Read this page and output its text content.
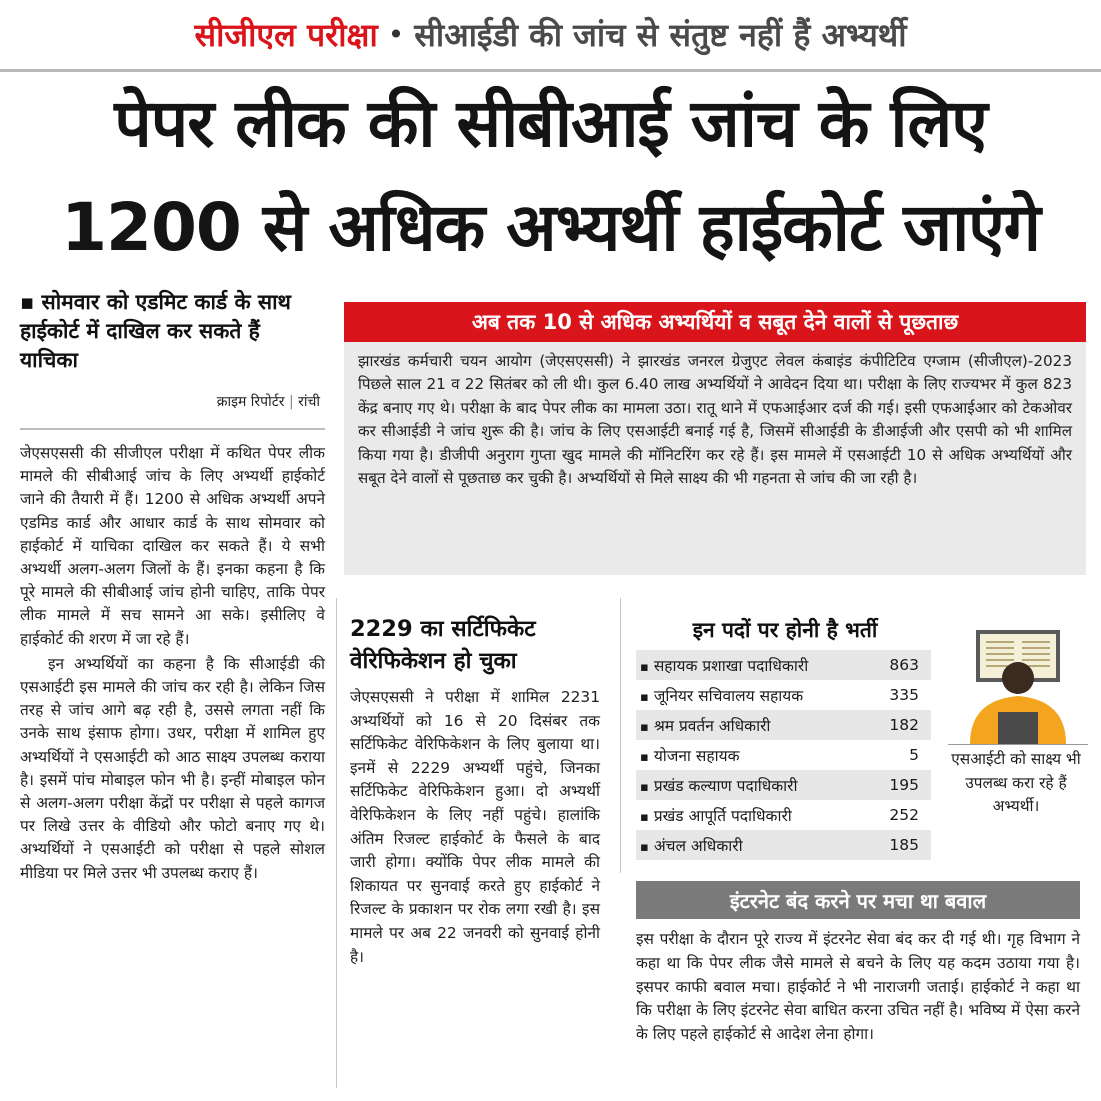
सीजीएल परीक्षा • सीआईडी की जांच से संतुष्ट नहीं हैं अभ्यर्थी
पेपर लीक की सीबीआई जांच के लिए
1200 से अधिक अभ्यर्थी हाईकोर्ट जाएंगे
▪ सोमवार को एडमिट कार्ड के साथ हाईकोर्ट में दाखिल कर सकते हैं याचिका
क्राइम रिपोर्टर | रांची

जेएसएससी की सीजीएल परीक्षा में कथित पेपर लीक मामले की सीबीआई जांच के लिए अभ्यर्थी हाईकोर्ट जाने की तैयारी में हैं। 1200 से अधिक अभ्यर्थी अपने एडमिड कार्ड और आधार कार्ड के साथ सोमवार को हाईकोर्ट में याचिका दाखिल कर सकते हैं। ये सभी अभ्यर्थी अलग-अलग जिलों के हैं। इनका कहना है कि पूरे मामले की सीबीआई जांच होनी चाहिए, ताकि पेपर लीक मामले में सच सामने आ सके। इसीलिए वे हाईकोर्ट की शरण में जा रहे हैं।

इन अभ्यर्थियों का कहना है कि सीआईडी की एसआईटी इस मामले की जांच कर रही है। लेकिन जिस तरह से जांच आगे बढ़ रही है, उससे लगता नहीं कि उनके साथ इंसाफ होगा। उधर, परीक्षा में शामिल हुए अभ्यर्थियों ने एसआईटी को आठ साक्ष्य उपलब्ध कराया है। इसमें पांच मोबाइल फोन भी है। इन्हीं मोबाइल फोन से अलग-अलग परीक्षा केंद्रों पर परीक्षा से पहले कागज पर लिखे उत्तर के वीडियो और फोटो बनाए गए थे। अभ्यर्थियों ने एसआईटी को परीक्षा से पहले सोशल मीडिया पर मिले उत्तर भी उपलब्ध कराए हैं।

अब तक 10 से अधिक अभ्यर्थियों व सबूत देने वालों से पूछताछ
झारखंड कर्मचारी चयन आयोग (जेएसएससी) ने झारखंड जनरल ग्रेजुएट लेवल कंबाइंड कंपीटिटिव एग्जाम (सीजीएल)-2023 पिछले साल 21 व 22 सितंबर को ली थी। कुल 6.40 लाख अभ्यर्थियों ने आवेदन दिया था। परीक्षा के लिए राज्यभर में कुल 823 केंद्र बनाए गए थे। परीक्षा के बाद पेपर लीक का मामला उठा। रातू थाने में एफआईआर दर्ज की गई। इसी एफआईआर को टेकओवर कर सीआईडी ने जांच शुरू की है। जांच के लिए एसआईटी बनाई गई है, जिसमें सीआईडी के डीआईजी और एसपी को भी शामिल किया गया है। डीजीपी अनुराग गुप्ता खुद मामले की मॉनिटरिंग कर रहे हैं। इस मामले में एसआईटी 10 से अधिक अभ्यर्थियों और सबूत देने वालों से पूछताछ कर चुकी है। अभ्यर्थियों से मिले साक्ष्य की भी गहनता से जांच की जा रही है।
2229 का सर्टिफिकेट वेरिफिकेशन हो चुका
जेएसएससी ने परीक्षा में शामिल 2231 अभ्यर्थियों को 16 से 20 दिसंबर तक सर्टिफिकेट वेरिफिकेशन के लिए बुलाया था। इनमें से 2229 अभ्यर्थी पहुंचे, जिनका सर्टिफिकेट वेरिफिकेशन हुआ। दो अभ्यर्थी वेरिफिकेशन के लिए नहीं पहुंचे। हालांकि अंतिम रिजल्ट हाईकोर्ट के फैसले के बाद जारी होगा। क्योंकि पेपर लीक मामले की शिकायत पर सुनवाई करते हुए हाईकोर्ट ने रिजल्ट के प्रकाशन पर रोक लगा रखी है। इस मामले पर अब 22 जनवरी को सुनवाई होनी है।
इन पदों पर होनी है भर्ती
▪ सहायक प्रशाखा पदाधिकारी	863
▪ जूनियर सचिवालय सहायक	335
▪ श्रम प्रवर्तन अधिकारी	182
▪ योजना सहायक	5
▪ प्रखंड कल्याण पदाधिकारी	195
▪ प्रखंड आपूर्ति पदाधिकारी	252
▪ अंचल अधिकारी	185
एसआईटी को साक्ष्य भी उपलब्ध करा रहे हैं अभ्यर्थी।
इंटरनेट बंद करने पर मचा था बवाल
इस परीक्षा के दौरान पूरे राज्य में इंटरनेट सेवा बंद कर दी गई थी। गृह विभाग ने कहा था कि पेपर लीक जैसे मामले से बचने के लिए यह कदम उठाया गया है। इसपर काफी बवाल मचा। हाईकोर्ट ने भी नाराजगी जताई। हाईकोर्ट ने कहा था कि परीक्षा के लिए इंटरनेट सेवा बाधित करना उचित नहीं है। भविष्य में ऐसा करने के लिए पहले हाईकोर्ट से आदेश लेना होगा।
